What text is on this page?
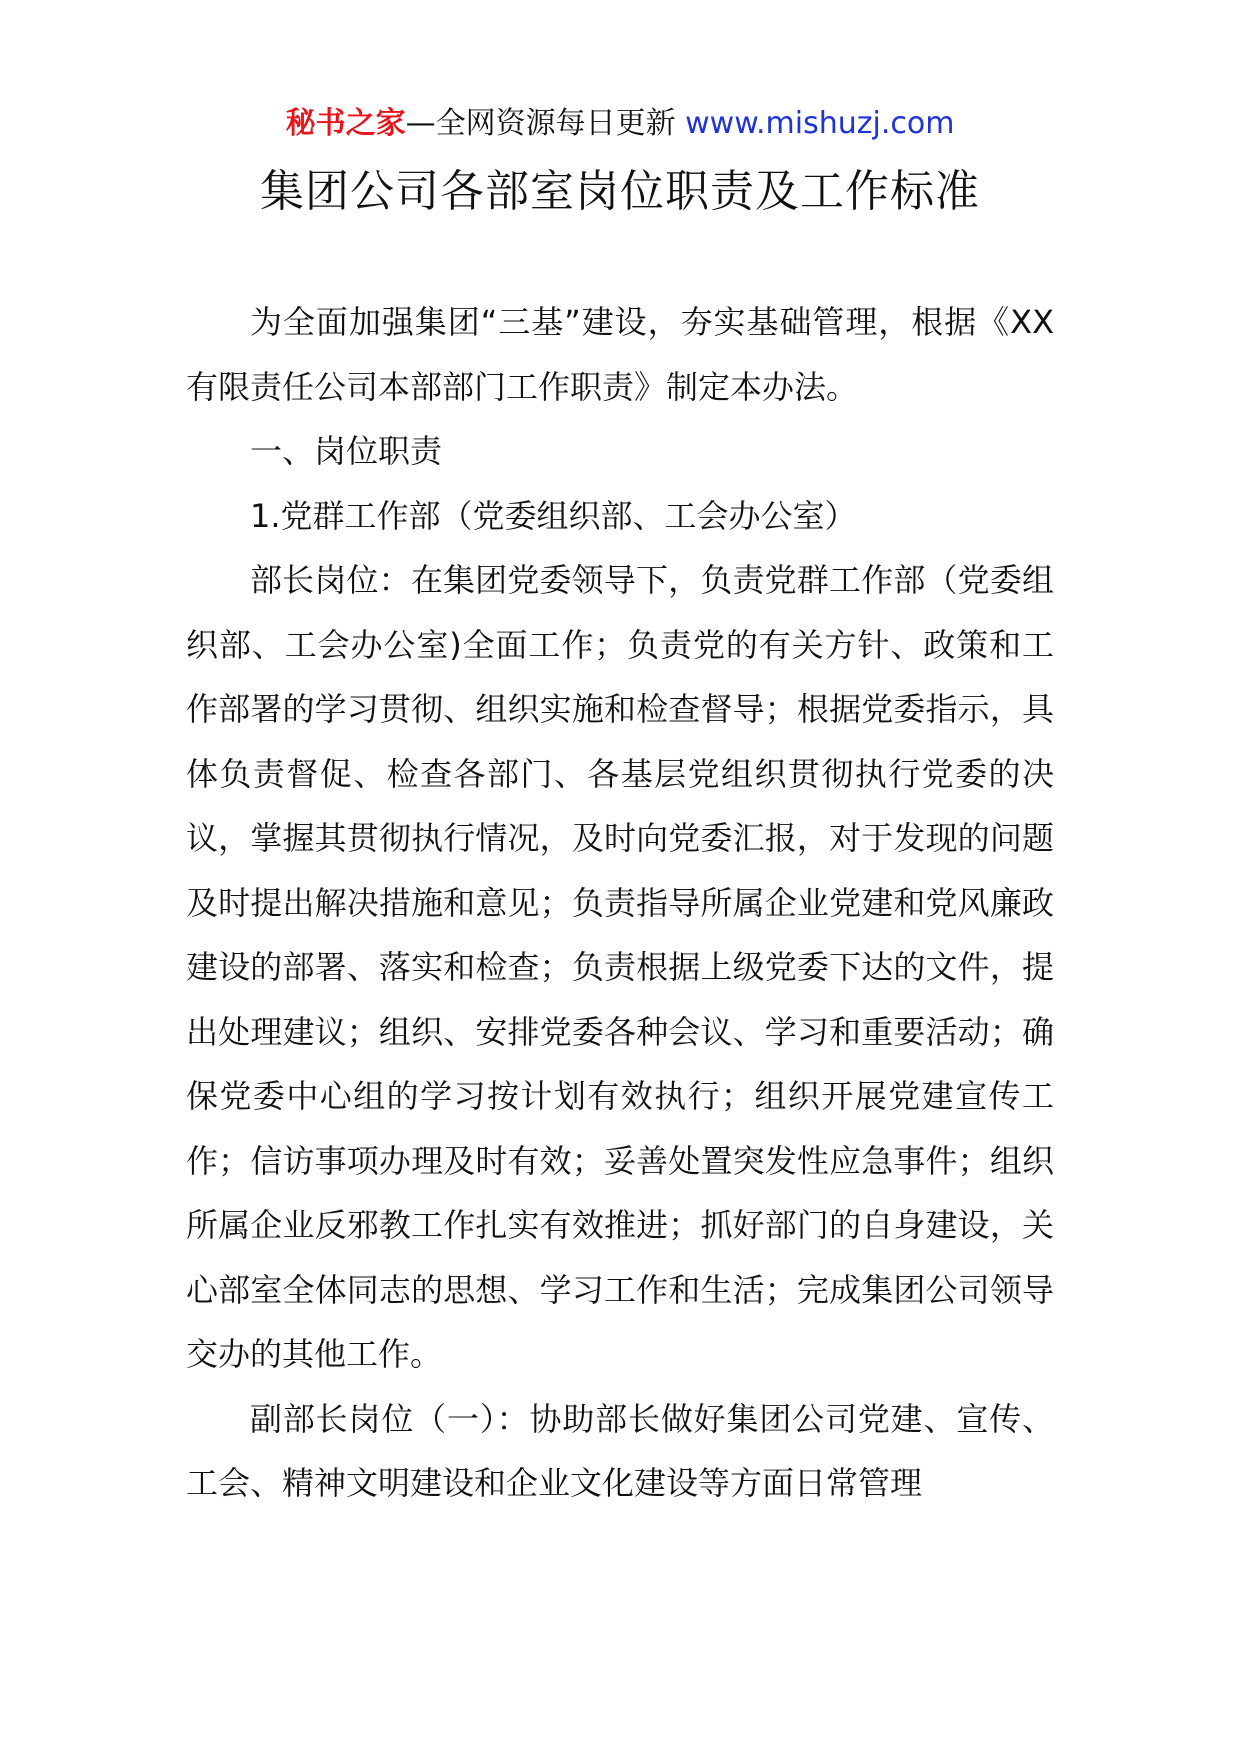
秘书之家—全网资源每日更新 www.mishuzj.com
集团公司各部室岗位职责及工作标准

为全面加强集团“三基”建设，夯实基础管理，根据《XX有限责任公司本部部门工作职责》制定本办法。

一、岗位职责

1.党群工作部（党委组织部、工会办公室）

部长岗位：在集团党委领导下，负责党群工作部（党委组织部、工会办公室)全面工作；负责党的有关方针、政策和工作部署的学习贯彻、组织实施和检查督导；根据党委指示，具体负责督促、检查各部门、各基层党组织贯彻执行党委的决议，掌握其贯彻执行情况，及时向党委汇报，对于发现的问题及时提出解决措施和意见；负责指导所属企业党建和党风廉政建设的部署、落实和检查；负责根据上级党委下达的文件，提出处理建议；组织、安排党委各种会议、学习和重要活动；确保党委中心组的学习按计划有效执行；组织开展党建宣传工作；信访事项办理及时有效；妥善处置突发性应急事件；组织所属企业反邪教工作扎实有效推进；抓好部门的自身建设，关心部室全体同志的思想、学习工作和生活；完成集团公司领导 交办的其他工作。

副部长岗位（一）：协助部长做好集团公司党建、宣传、工会、精神文明建设和企业文化建设等方面日常管理
